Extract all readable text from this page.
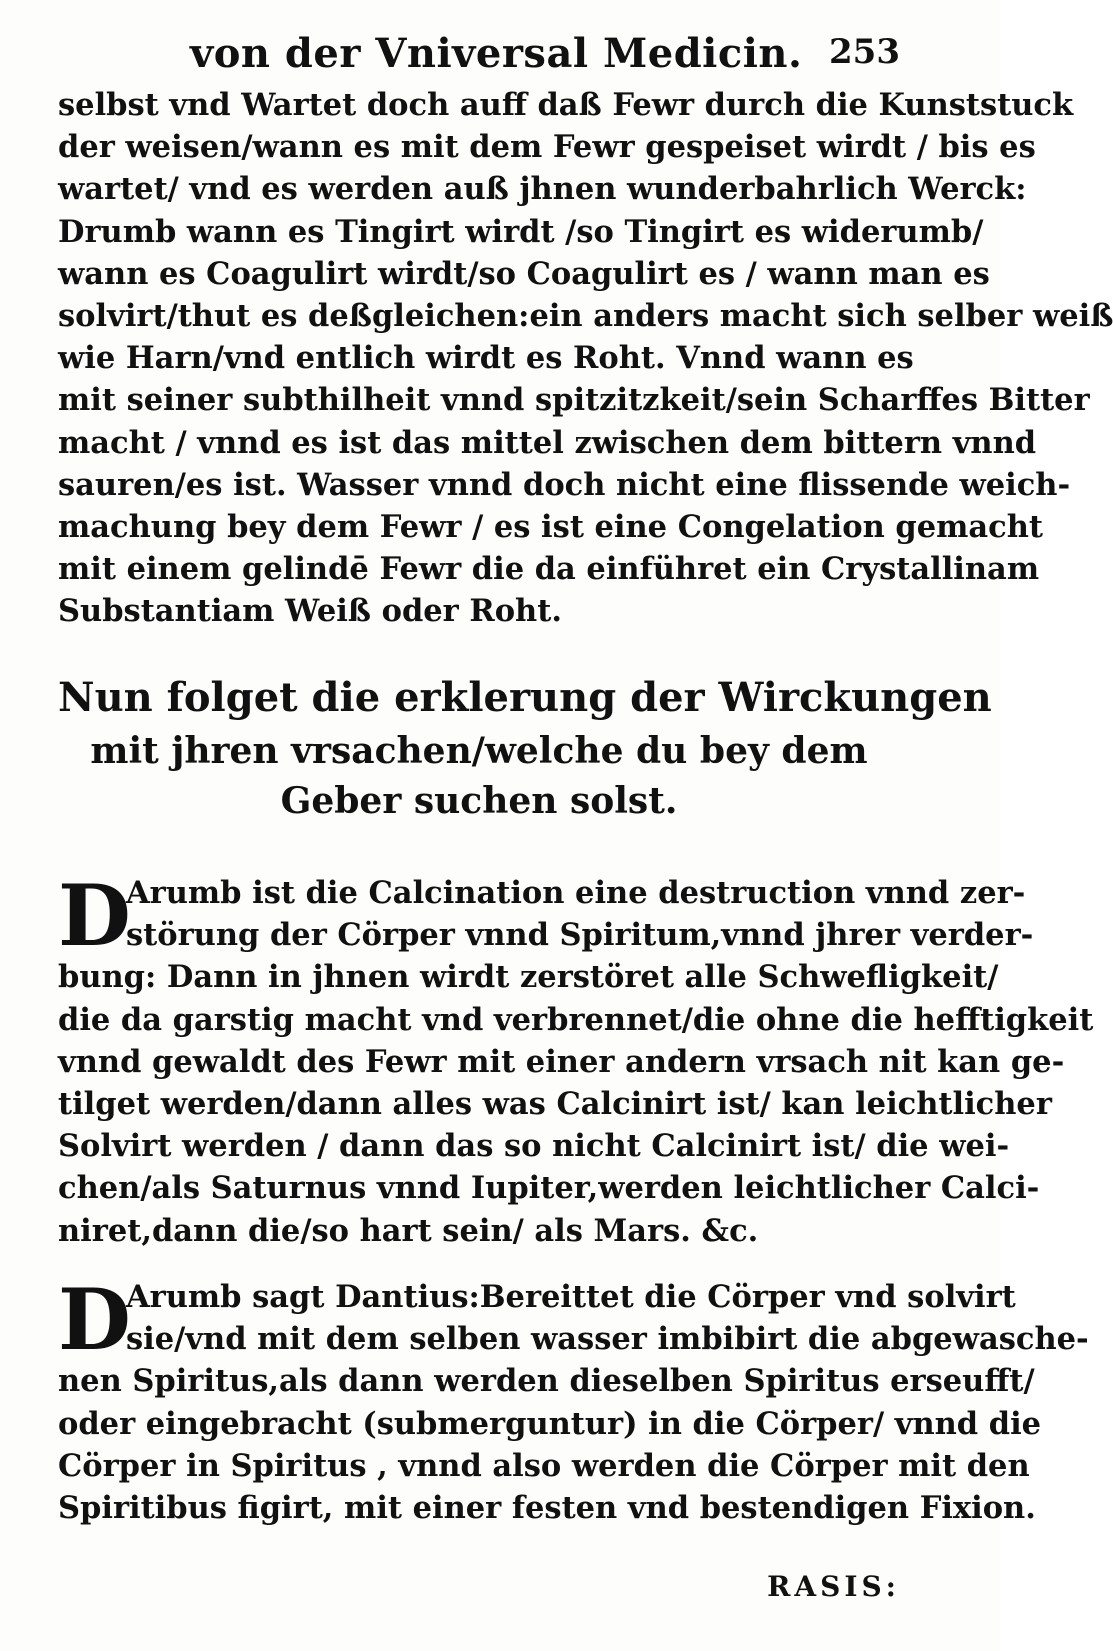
von der Vniversal Medicin. 253
selbst vnd Wartet doch auff daß Fewr durch die Kunststuck
der weisen/wann es mit dem Fewr gespeiset wirdt / bis es
wartet/ vnd es werden auß jhnen wunderbahrlich Werck:
Drumb wann es Tingirt wirdt /so Tingirt es widerumb/
wann es Coagulirt wirdt/so Coagulirt es / wann man es
solvirt/thut es deßgleichen:ein anders macht sich selber weiß
wie Harn/vnd entlich wirdt es Roht. Vnnd wann es
mit seiner subthilheit vnnd spitzitzkeit/sein Scharffes Bitter
macht / vnnd es ist das mittel zwischen dem bittern vnnd
sauren/es ist. Wasser vnnd doch nicht eine flissende weich-
machung bey dem Fewr / es ist eine Congelation gemacht
mit einem gelindē Fewr die da einführet ein Crystallinam
Substantiam Weiß oder Roht.
Nun folget die erklerung der Wirckungen
mit jhren vrsachen/welche du bey dem
Geber suchen solst.
D
Arumb ist die Calcination eine destruction vnnd zer-
störung der Cörper vnnd Spiritum,vnnd jhrer verder-
bung: Dann in jhnen wirdt zerstöret alle Schwefligkeit/
die da garstig macht vnd verbrennet/die ohne die hefftigkeit
vnnd gewaldt des Fewr mit einer andern vrsach nit kan ge-
tilget werden/dann alles was Calcinirt ist/ kan leichtlicher
Solvirt werden / dann das so nicht Calcinirt ist/ die wei-
chen/als Saturnus vnnd Iupiter,werden leichtlicher Calci-
niret,dann die/so hart sein/ als Mars. &c.
D
Arumb sagt Dantius:Bereittet die Cörper vnd solvirt
sie/vnd mit dem selben wasser imbibirt die abgewasche-
nen Spiritus,als dann werden dieselben Spiritus erseufft/
oder eingebracht (submerguntur) in die Cörper/ vnnd die
Cörper in Spiritus , vnnd also werden die Cörper mit den
Spiritibus figirt, mit einer festen vnd bestendigen Fixion.
RASIS:
